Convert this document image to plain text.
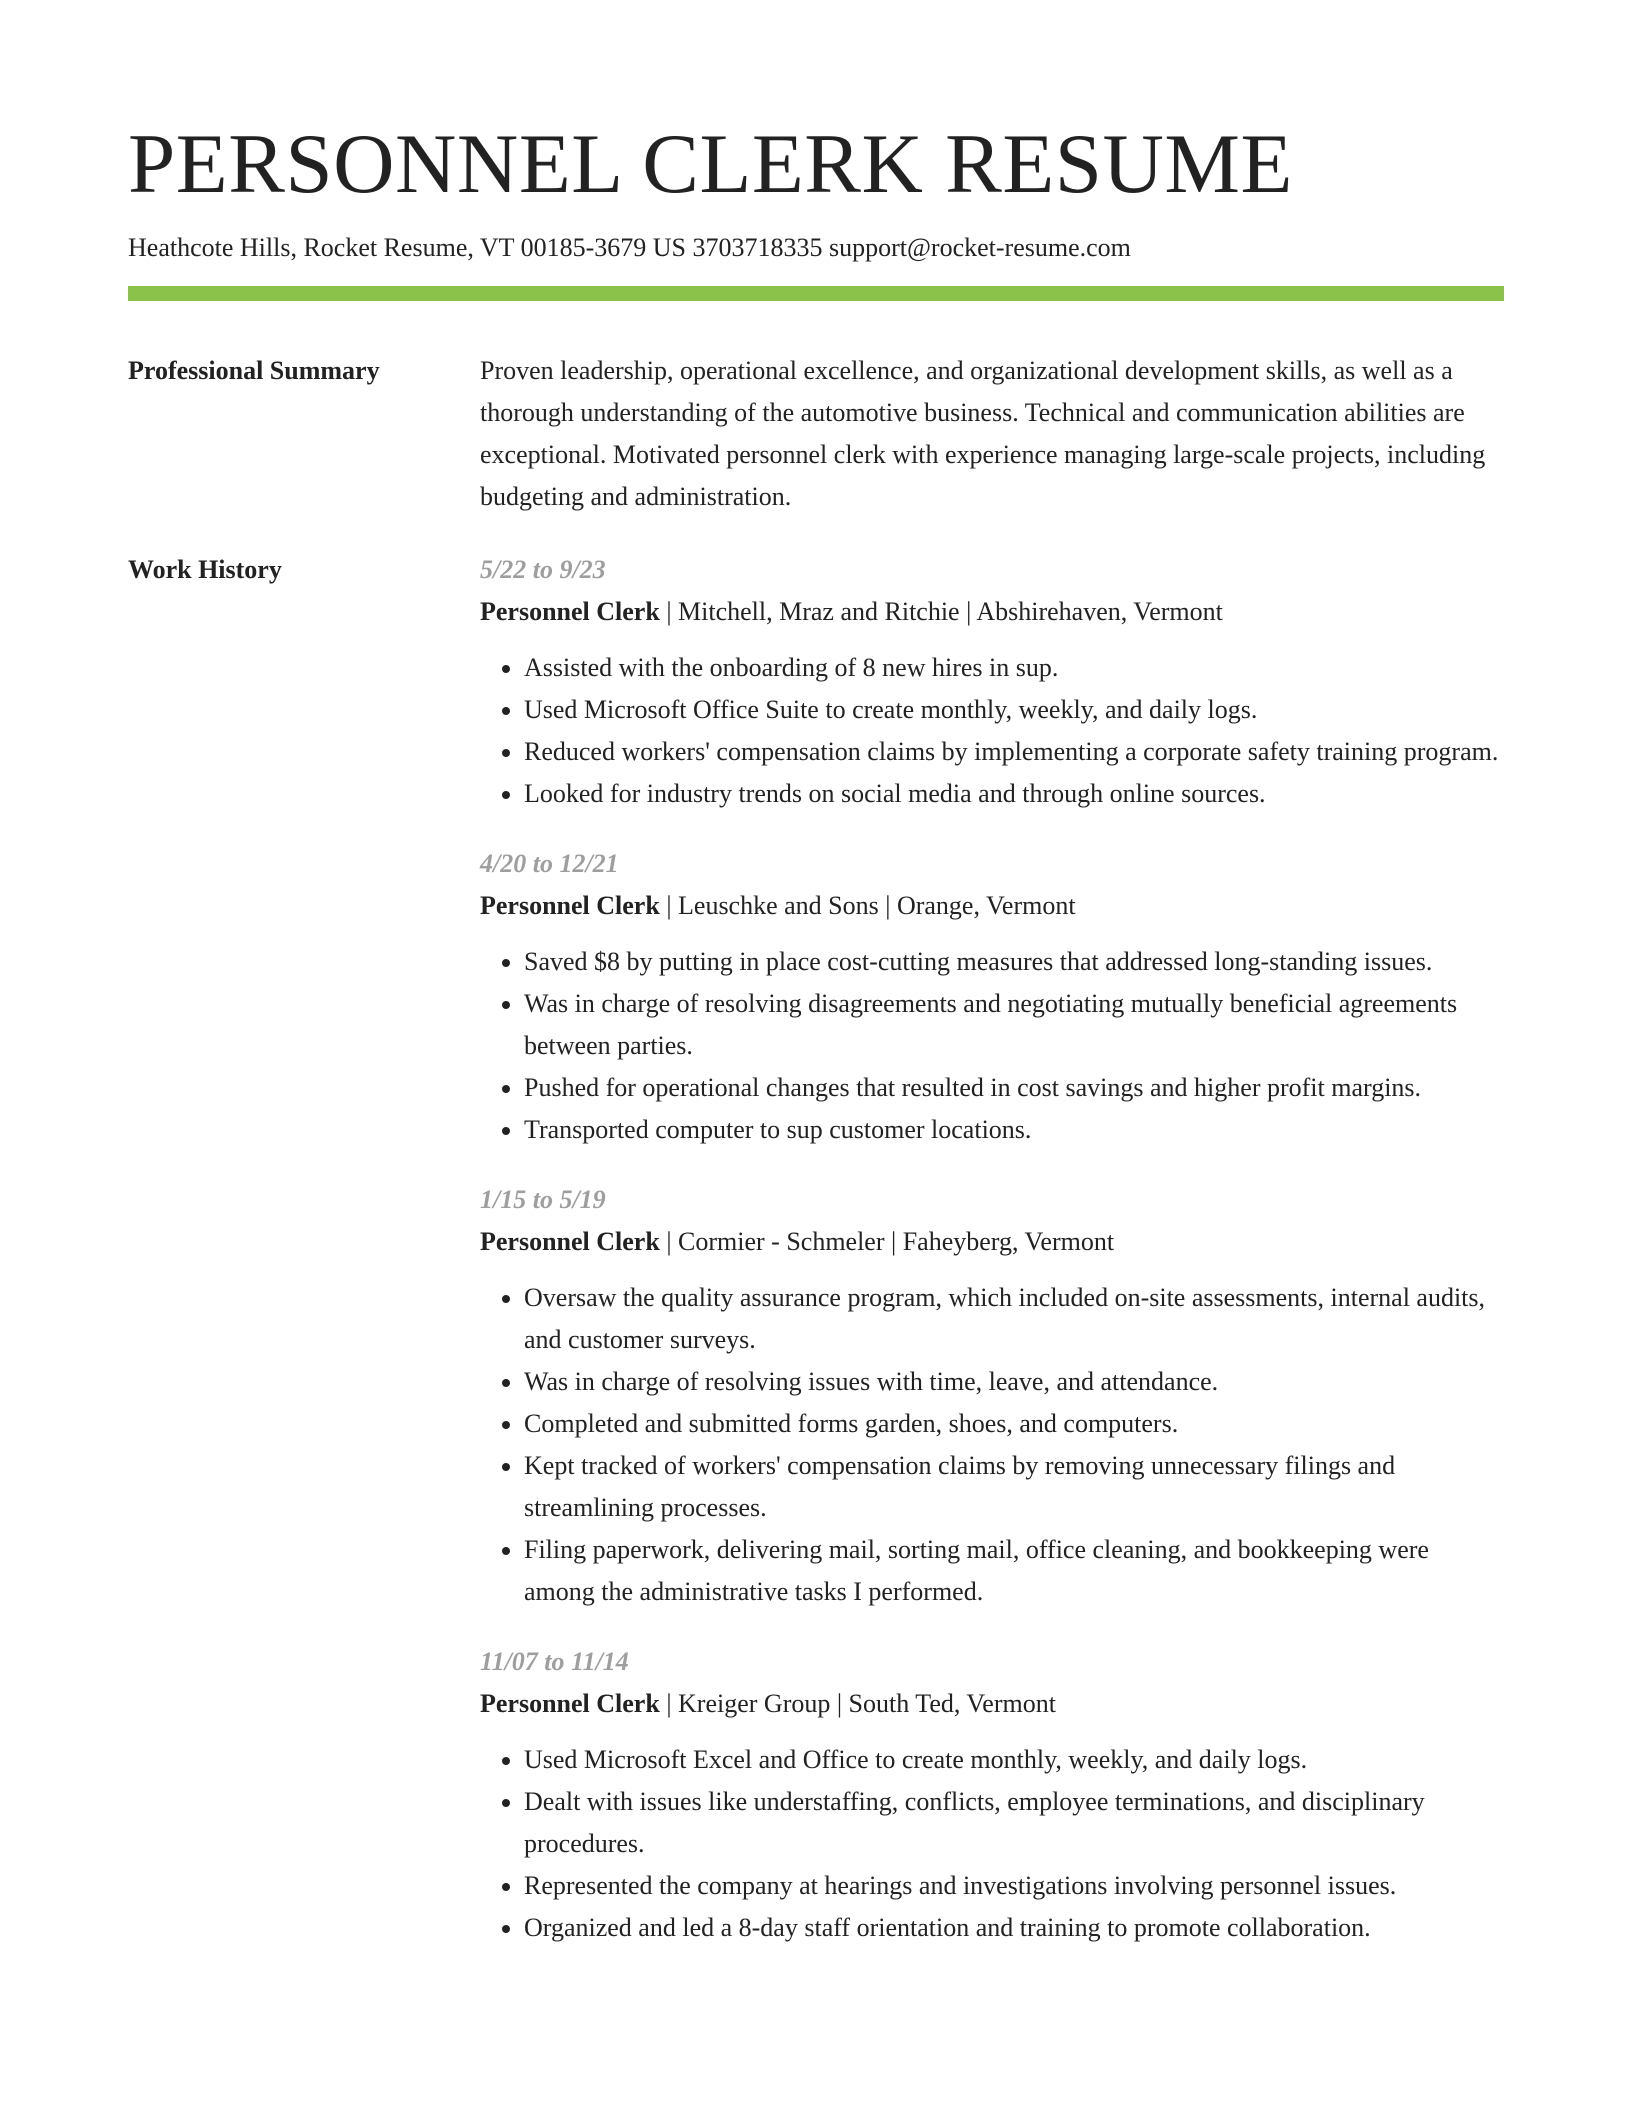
PERSONNEL CLERK RESUME
Heathcote Hills, Rocket Resume, VT 00185-3679 US 3703718335 support@rocket-resume.com
Professional Summary	Proven leadership, operational excellence, and organizational development skills, as well as a thorough understanding of the automotive business. Technical and communication abilities are exceptional. Motivated personnel clerk with experience managing large-scale projects, including budgeting and administration.

Work History	5/22 to 9/23
Personnel Clerk | Mitchell, Mraz and Ritchie | Abshirehaven, Vermont
• Assisted with the onboarding of 8 new hires in sup.
• Used Microsoft Office Suite to create monthly, weekly, and daily logs.
• Reduced workers' compensation claims by implementing a corporate safety training program.
• Looked for industry trends on social media and through online sources.
4/20 to 12/21
Personnel Clerk | Leuschke and Sons | Orange, Vermont
• Saved $8 by putting in place cost-cutting measures that addressed long-standing issues.
• Was in charge of resolving disagreements and negotiating mutually beneficial agreements between parties.
• Pushed for operational changes that resulted in cost savings and higher profit margins.
• Transported computer to sup customer locations.
1/15 to 5/19
Personnel Clerk | Cormier - Schmeler | Faheyberg, Vermont
• Oversaw the quality assurance program, which included on-site assessments, internal audits, and customer surveys.
• Was in charge of resolving issues with time, leave, and attendance.
• Completed and submitted forms garden, shoes, and computers.
• Kept tracked of workers' compensation claims by removing unnecessary filings and streamlining processes.
• Filing paperwork, delivering mail, sorting mail, office cleaning, and bookkeeping were among the administrative tasks I performed.
11/07 to 11/14
Personnel Clerk | Kreiger Group | South Ted, Vermont
• Used Microsoft Excel and Office to create monthly, weekly, and daily logs.
• Dealt with issues like understaffing, conflicts, employee terminations, and disciplinary procedures.
• Represented the company at hearings and investigations involving personnel issues.
• Organized and led a 8-day staff orientation and training to promote collaboration.
